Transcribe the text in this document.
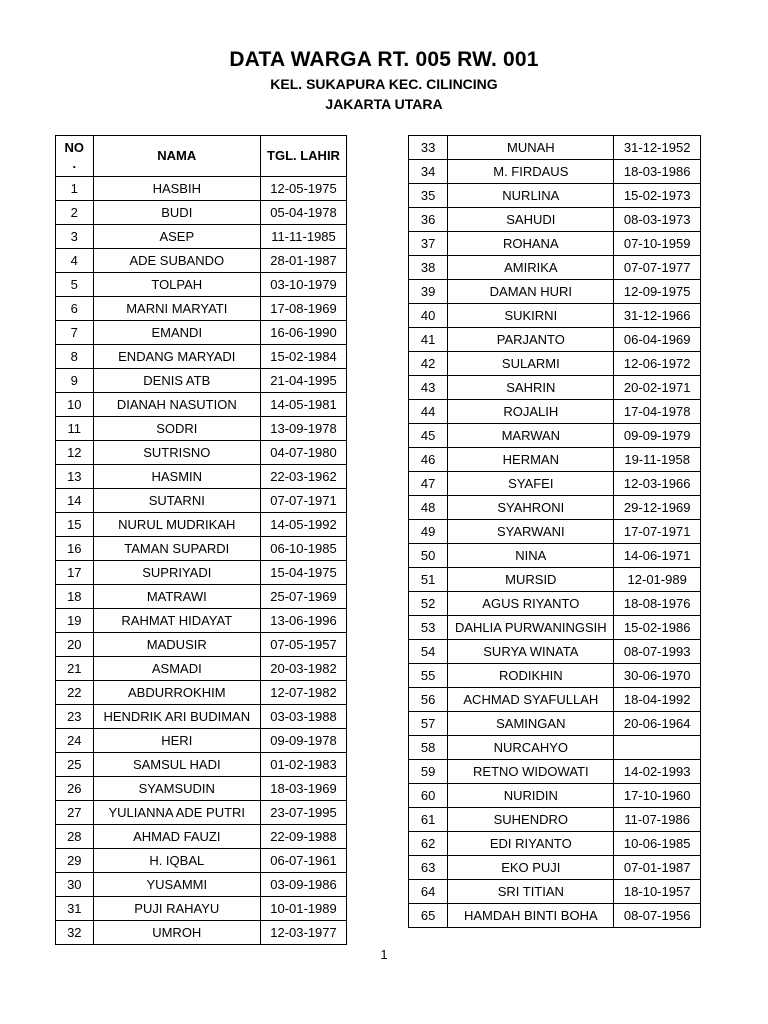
DATA WARGA RT. 005 RW. 001
KEL. SUKAPURA KEC. CILINCING
JAKARTA UTARA
NO
.	NAMA	TGL. LAHIR
1	HASBIH	12-05-1975
2	BUDI	05-04-1978
3	ASEP	11-11-1985
4	ADE SUBANDO	28-01-1987
5	TOLPAH	03-10-1979
6	MARNI MARYATI	17-08-1969
7	EMANDI	16-06-1990
8	ENDANG MARYADI	15-02-1984
9	DENIS ATB	21-04-1995
10	DIANAH NASUTION	14-05-1981
11	SODRI	13-09-1978
12	SUTRISNO	04-07-1980
13	HASMIN	22-03-1962
14	SUTARNI	07-07-1971
15	NURUL MUDRIKAH	14-05-1992
16	TAMAN SUPARDI	06-10-1985
17	SUPRIYADI	15-04-1975
18	MATRAWI	25-07-1969
19	RAHMAT HIDAYAT	13-06-1996
20	MADUSIR	07-05-1957
21	ASMADI	20-03-1982
22	ABDURROKHIM	12-07-1982
23	HENDRIK ARI BUDIMAN	03-03-1988
24	HERI	09-09-1978
25	SAMSUL HADI	01-02-1983
26	SYAMSUDIN	18-03-1969
27	YULIANNA ADE PUTRI	23-07-1995
28	AHMAD FAUZI	22-09-1988
29	H. IQBAL	06-07-1961
30	YUSAMMI	03-09-1986
31	PUJI RAHAYU	10-01-1989
32	UMROH	12-03-1977
33	MUNAH	31-12-1952
34	M. FIRDAUS	18-03-1986
35	NURLINA	15-02-1973
36	SAHUDI	08-03-1973
37	ROHANA	07-10-1959
38	AMIRIKA	07-07-1977
39	DAMAN HURI	12-09-1975
40	SUKIRNI	31-12-1966
41	PARJANTO	06-04-1969
42	SULARMI	12-06-1972
43	SAHRIN	20-02-1971
44	ROJALIH	17-04-1978
45	MARWAN	09-09-1979
46	HERMAN	19-11-1958
47	SYAFEI	12-03-1966
48	SYAHRONI	29-12-1969
49	SYARWANI	17-07-1971
50	NINA	14-06-1971
51	MURSID	12-01-989
52	AGUS RIYANTO	18-08-1976
53	DAHLIA PURWANINGSIH	15-02-1986
54	SURYA WINATA	08-07-1993
55	RODIKHIN	30-06-1970
56	ACHMAD SYAFULLAH	18-04-1992
57	SAMINGAN	20-06-1964
58	NURCAHYO	
59	RETNO WIDOWATI	14-02-1993
60	NURIDIN	17-10-1960
61	SUHENDRO	11-07-1986
62	EDI RIYANTO	10-06-1985
63	EKO PUJI	07-01-1987
64	SRI TITIAN	18-10-1957
65	HAMDAH BINTI BOHA	08-07-1956
1
